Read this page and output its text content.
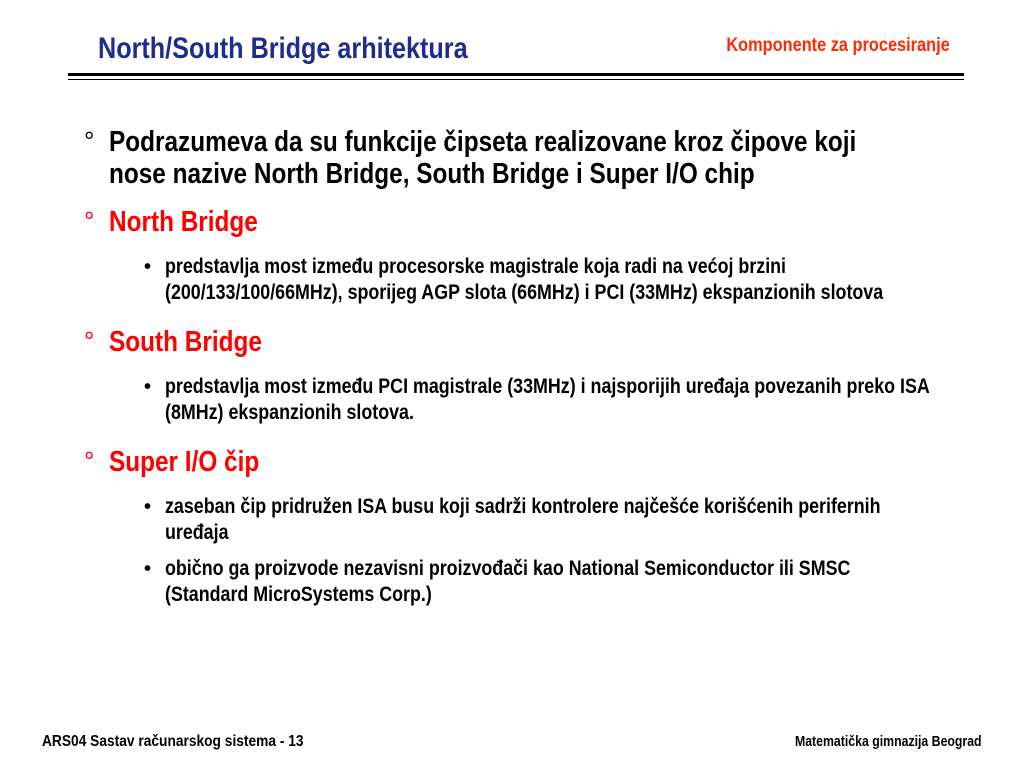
North/South Bridge arhitektura	Komponente za procesiranje
° Podrazumeva da su funkcije čipseta realizovane kroz čipove koji nose nazive North Bridge, South Bridge i Super I/O chip
° North Bridge
• predstavlja most između procesorske magistrale koja radi na većoj brzini (200/133/100/66MHz), sporijeg AGP slota (66MHz) i PCI (33MHz) ekspanzionih slotova
° South Bridge
• predstavlja most između PCI magistrale (33MHz) i najsporijih uređaja povezanih preko ISA (8MHz) ekspanzionih slotova.
° Super I/O čip
• zaseban čip pridružen ISA busu koji sadrži kontrolere najčešće korišćenih perifernih uređaja
• obično ga proizvode nezavisni proizvođači kao National Semiconductor ili SMSC (Standard MicroSystems Corp.)
ARS04 Sastav računarskog sistema - 13	Matematička gimnazija Beograd
